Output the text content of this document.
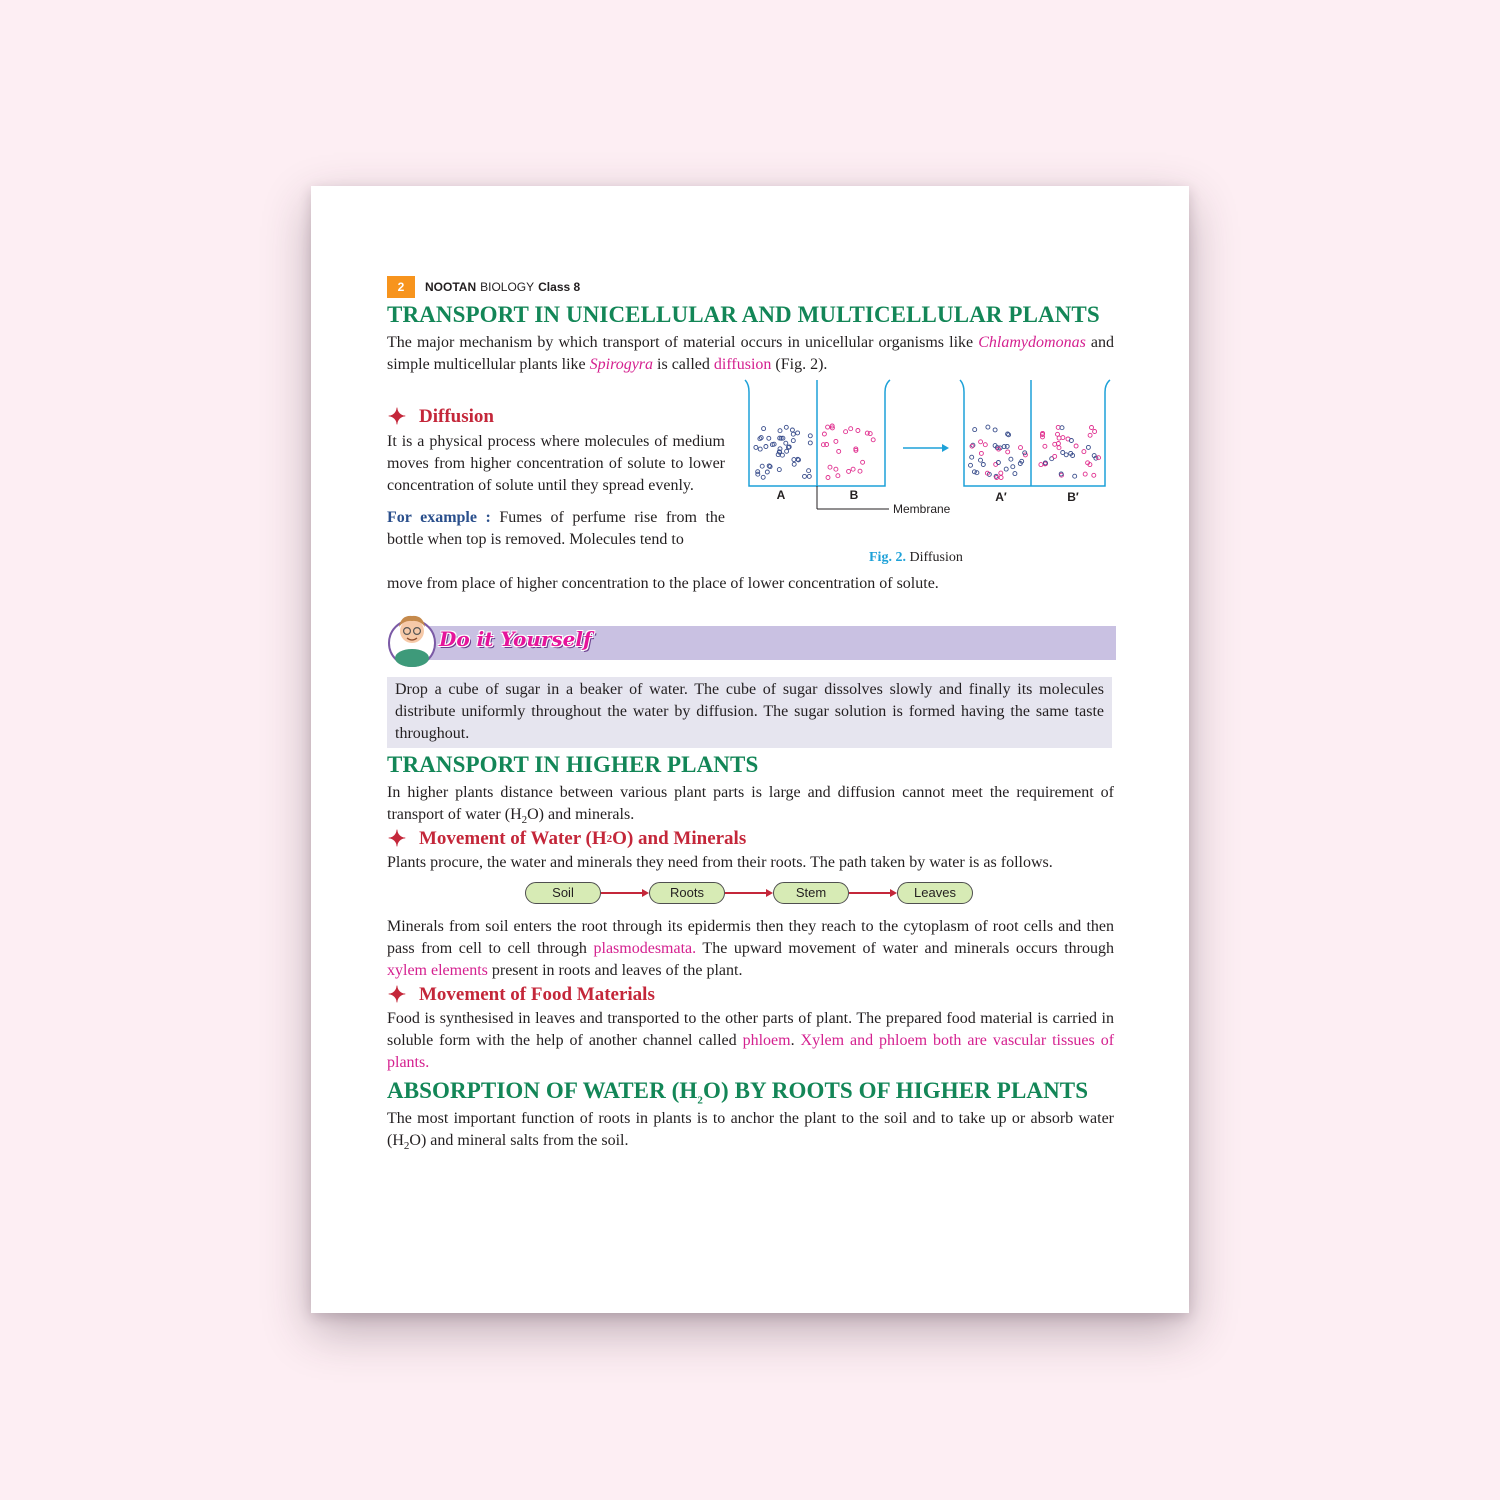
2	NOOTAN BIOLOGY Class 8
TRANSPORT IN UNICELLULAR AND MULTICELLULAR PLANTS

The major mechanism by which transport of material occurs in unicellular organisms like Chlamydomonas and simple multicellular plants like Spirogyra is called diffusion (Fig. 2).

✦ Diffusion

It is a physical process where molecules of medium moves from higher concentration of solute to lower concentration of solute until they spread evenly.

For example : Fumes of perfume rise from the bottle when top is removed. Molecules tend to

A	B	A′	B′
Membrane
Fig. 2. Diffusion

move from place of higher concentration to the place of lower concentration of solute.

Do it Yourself

Drop a cube of sugar in a beaker of water. The cube of sugar dissolves slowly and finally its molecules distribute uniformly throughout the water by diffusion. The sugar solution is formed having the same taste throughout.

TRANSPORT IN HIGHER PLANTS

In higher plants distance between various plant parts is large and diffusion cannot meet the requirement of transport of water $(H_2O)$ and minerals.

✦ Movement of Water (H 2 O) and Minerals

Plants procure, the water and minerals they need from their roots. The path taken by water is as follows.

Soil	Roots	Stem	Leaves

Minerals from soil enters the root through its epidermis then they reach to the cytoplasm of root cells and then pass from cell to cell through plasmodesmata. The upward movement of water and minerals occurs through xylem elements present in roots and leaves of the plant.

✦ Movement of Food Materials

Food is synthesised in leaves and transported to the other parts of plant. The prepared food material is carried in soluble form with the help of another channel called phloem. Xylem and phloem both are vascular tissues of plants.

ABSORPTION OF WATER $(H_2O)$ BY ROOTS OF HIGHER PLANTS

The most important function of roots in plants is to anchor the plant to the soil and to take up or absorb water $(H_2O)$ and mineral salts from the soil.
